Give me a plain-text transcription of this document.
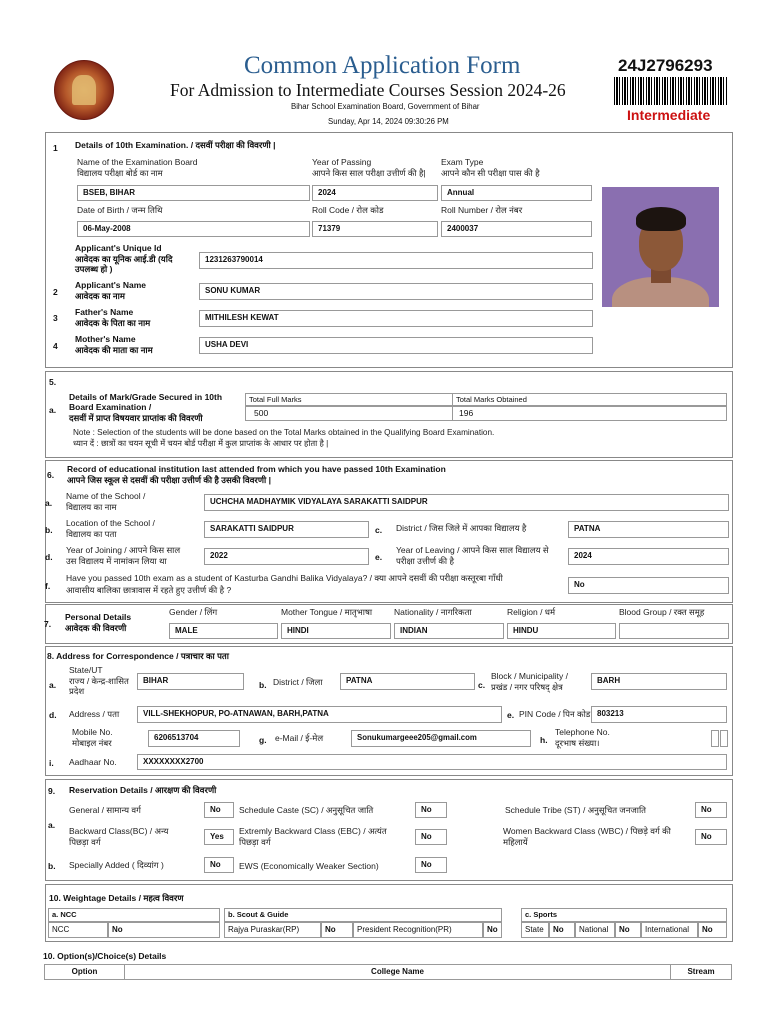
Common Application Form
For Admission to Intermediate Courses Session 2024-26
Bihar School Examination Board, Government of Bihar
Sunday, Apr 14, 2024 09:30:26 PM
24J2796293
Intermediate
1 Details of 10th Examination. / दसवीं परीक्षा की विवरणी |
Name of the Examination Board
विद्यालय परीक्षा बोर्ड का नाम
BSEB, BIHAR
Year of Passing
आपने किस साल परीक्षा उत्तीर्ण की है|
2024
Exam Type
आपने कौन सी परीक्षा पास की है
Annual
Date of Birth / जन्म तिथि
06-May-2008
Roll Code / रोल कोड
71379
Roll Number / रोल नंबर
2400037
Applicant's Unique Id
आवेदक का यूनिक आई.डी (यदि उपलब्ध हो )
1231263790014
2
Applicant's Name
आवेदक का नाम
SONU KUMAR
3
Father's Name
आवेदक के पिता का नाम
MITHILESH KEWAT
4
Mother's Name
आवेदक की माता का नाम
USHA DEVI
5.
a.
Details of Mark/Grade Secured in 10th Board Examination /
दसवीं में प्राप्त विषयवार प्राप्तांक की विवरणी
Total Full Marks	Total Marks Obtained
500	196
Note : Selection of the students will be done based on the Total Marks obtained in the Qualifying Board Examination.
ध्यान दें : छात्रों का चयन सूची में चयन बोर्ड परीक्षा में कुल प्राप्तांक के आधार पर होता है |
6.
Record of educational institution last attended from which you have passed 10th Examination
आपने जिस स्कूल से दसवीं की परीक्षा उत्तीर्ण की है उसकी विवरणी |
a.
Name of the School /
विद्यालय का नाम
UCHCHA MADHAYMIK VIDYALAYA SARAKATTI SAIDPUR
b.
Location of the School /
विद्यालय का पता
SARAKATTI SAIDPUR	c. District / जिस जिले में आपका विद्यालय है	PATNA
d.
Year of Joining / आपने किस साल
उस विद्यालय में नामांकन लिया था
2022	e.
Year of Leaving / आपने किस साल विद्यालय से
परीक्षा उत्तीर्ण की है
2024
f.
Have you passed 10th exam as a student of Kasturba Gandhi Balika Vidyalaya? / क्या आपने दसवीं की परीक्षा कस्तूरबा गाँधी
आवासीय बालिका छात्रावास में रहते हुए उत्तीर्ण की है ?
No
7.
Personal Details
आवेदक की विवरणी
Gender / लिंग
MALE
Mother Tongue / मातृभाषा
HINDI
Nationality / नागरिकता
INDIAN
Religion / धर्म
HINDU
Blood Group / रक्त समूह
8. Address for Correspondence / पत्राचार का पता
a.
State/UT
राज्य / केन्द्र-शासित प्रदेश
BIHAR	b. District / जिला	PATNA	c.
Block / Municipality /
प्रखंड / नगर परिषद् क्षेत्र
BARH
d. Address / पता	VILL-SHEKHOPUR, PO-ATNAWAN, BARH,PATNA	e. PIN Code / पिन कोड 803213
Mobile No.
मोबाइल नंबर
6206513704	g. e-Mail / ई-मेल	Sonukumargeee205@gmail.com	h.
Telephone No.
दूरभाष संख्या।
i. Aadhaar No.	XXXXXXXX2700
9. Reservation Details / आरक्षण की विवरणी
a.
b.
General / सामान्य वर्ग	No	Schedule Caste (SC) / अनुसूचित जाति	No	Schedule Tribe (ST) / अनुसूचित जनजाति	No
Backward Class(BC) / अन्य
पिछड़ा वर्ग
Yes
Extremly Backward Class (EBC) / अत्यंत
पिछड़ा वर्ग
No
Women Backward Class (WBC) / पिछड़े वर्ग की
महिलायें
No
Specially Added ( दिव्यांग )	No	EWS (Economically Weaker Section)	No
10. Weightage Details / महत्व विवरण
a. NCC
NCC	No
b. Scout & Guide
Rajya Puraskar(RP)	No	President Recognition(PR)	No
c. Sports
State	No	National	No	International	No
10. Option(s)/Choice(s) Details
Option	College Name	Stream
